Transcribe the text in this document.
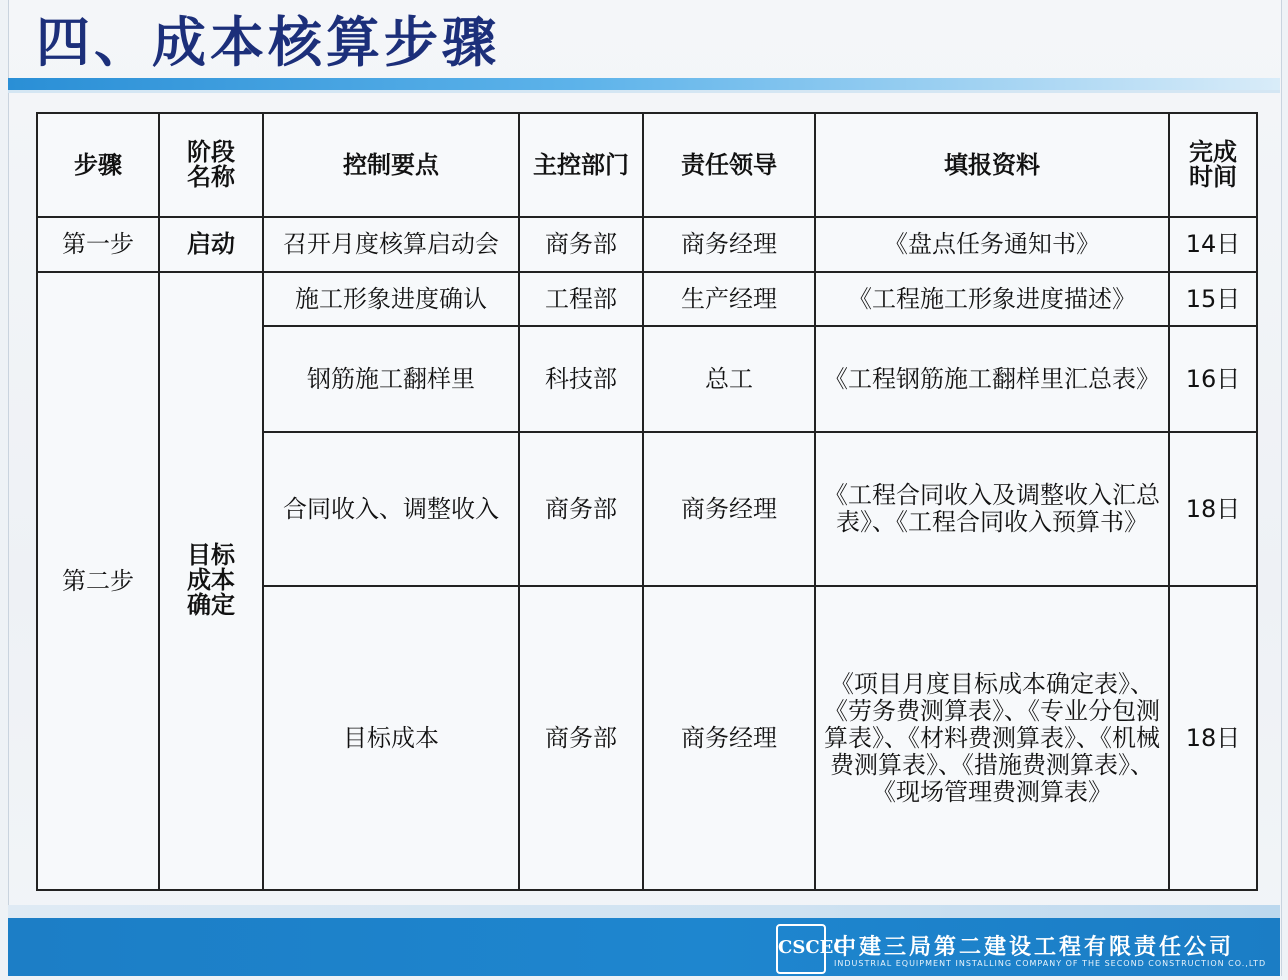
四、成本核算步骤
步骤	阶段名称	控制要点	主控部门	责任领导	填报资料	完成时间
第一步	启动	召开月度核算启动会	商务部	商务经理	《盘点任务通知书》	14日
第二步	目标成本确定	施工形象进度确认	工程部	生产经理	《工程施工形象进度描述》	15日
		钢筋施工翻样里	科技部	总工	《工程钢筋施工翻样里汇总表》	16日
		合同收入、调整收入	商务部	商务经理	《工程合同收入及调整收入汇总表》、《工程合同收入预算书》	18日
		目标成本	商务部	商务经理	《项目月度目标成本确定表》、《劳务费测算表》、《专业分包测算表》、《材料费测算表》、《机械费测算表》、《措施费测算表》、《现场管理费测算表》	18日
CSCEC
中建三局第二建设工程有限责任公司
INDUSTRIAL EQUIPMENT INSTALLING COMPANY OF THE SECOND CONSTRUCTION CO.,LTD
